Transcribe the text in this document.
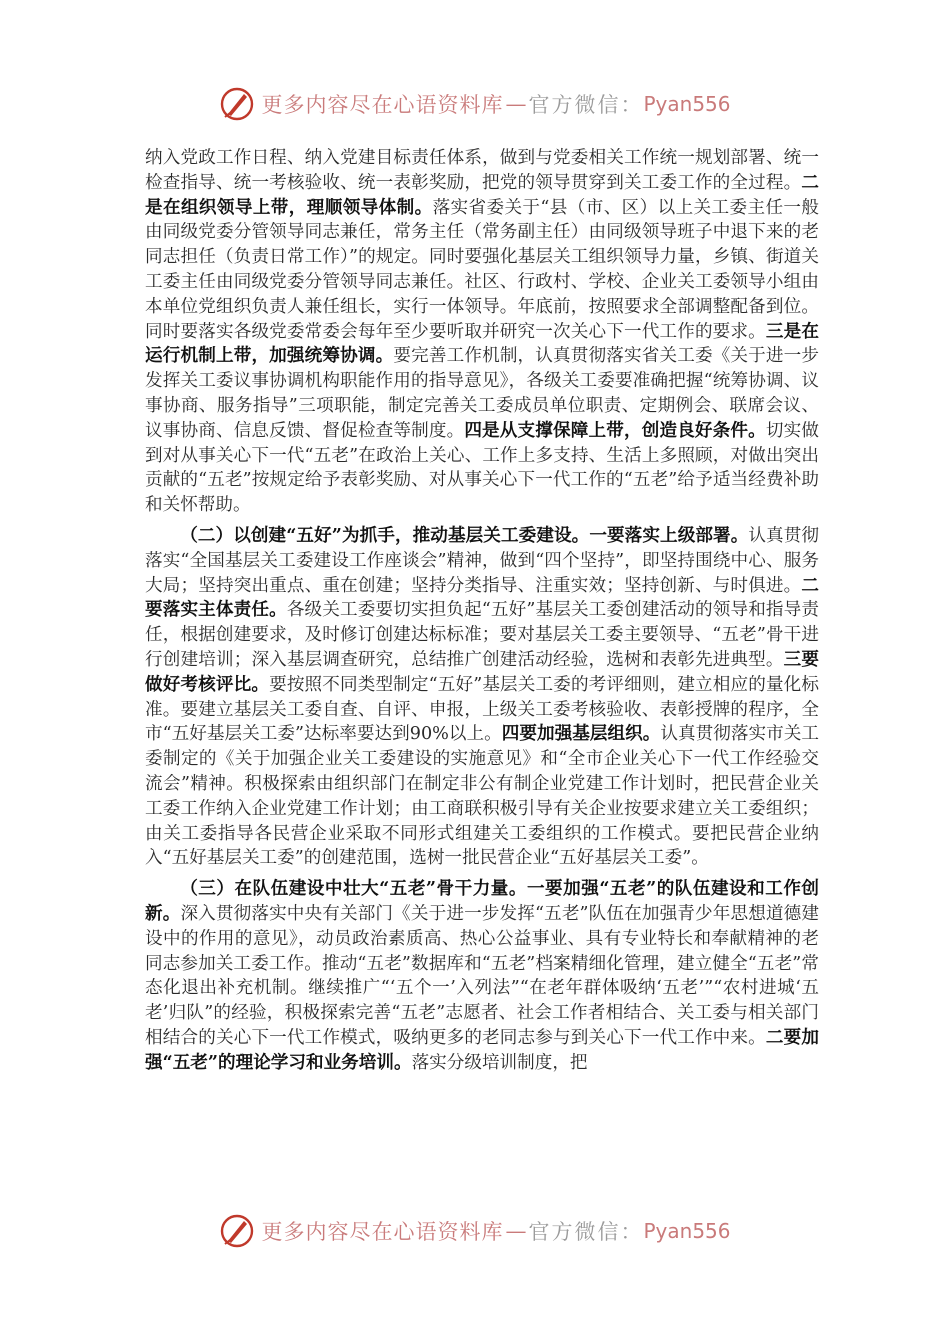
更多内容尽在心语资料库 — 官方微信： Pyan556

纳入党政工作日程、纳入党建目标责任体系，做到与党委相关工作统一规划部署、统一检查指导、统一考核验收、统一表彰奖励，把党的领导贯穿到关工委工作的全过程。二是在组织领导上带，理顺领导体制。落实省委关于“县（市、区）以上关工委主任一般由同级党委分管领导同志兼任，常务主任（常务副主任）由同级领导班子中退下来的老同志担任（负责日常工作）”的规定。同时要强化基层关工组织领导力量，乡镇、街道关工委主任由同级党委分管领导同志兼任。社区、行政村、学校、企业关工委领导小组由本单位党组织负责人兼任组长，实行一体领导。年底前，按照要求全部调整配备到位。同时要落实各级党委常委会每年至少要听取并研究一次关心下一代工作的要求。三是在运行机制上带，加强统筹协调。要完善工作机制，认真贯彻落实省关工委《关于进一步发挥关工委议事协调机构职能作用的指导意见》，各级关工委要准确把握“统筹协调、议事协商、服务指导”三项职能，制定完善关工委成员单位职责、定期例会、联席会议、议事协商、信息反馈、督促检查等制度。四是从支撑保障上带，创造良好条件。切实做到对从事关心下一代“五老”在政治上关心、工作上多支持、生活上多照顾，对做出突出贡献的“五老”按规定给予表彰奖励、对从事关心下一代工作的“五老”给予适当经费补助和关怀帮助。

（二）以创建“五好”为抓手，推动基层关工委建设。一要落实上级部署。认真贯彻落实“全国基层关工委建设工作座谈会”精神，做到“四个坚持”，即坚持围绕中心、服务大局；坚持突出重点、重在创建；坚持分类指导、注重实效；坚持创新、与时俱进。二要落实主体责任。各级关工委要切实担负起“五好”基层关工委创建活动的领导和指导责任，根据创建要求，及时修订创建达标标准；要对基层关工委主要领导、“五老”骨干进行创建培训；深入基层调查研究，总结推广创建活动经验，选树和表彰先进典型。三要做好考核评比。要按照不同类型制定“五好”基层关工委的考评细则，建立相应的量化标准。要建立基层关工委自查、自评、申报，上级关工委考核验收、表彰授牌的程序，全市“五好基层关工委”达标率要达到90%以上。四要加强基层组织。认真贯彻落实市关工委制定的《关于加强企业关工委建设的实施意见》和“全市企业关心下一代工作经验交流会”精神。积极探索由组织部门在制定非公有制企业党建工作计划时，把民营企业关工委工作纳入企业党建工作计划；由工商联积极引导有关企业按要求建立关工委组织；由关工委指导各民营企业采取不同形式组建关工委组织的工作模式。要把民营企业纳入“五好基层关工委”的创建范围，选树一批民营企业“五好基层关工委”。

（三）在队伍建设中壮大“五老”骨干力量。一要加强“五老”的队伍建设和工作创新。深入贯彻落实中央有关部门《关于进一步发挥“五老”队伍在加强青少年思想道德建设中的作用的意见》，动员政治素质高、热心公益事业、具有专业特长和奉献精神的老同志参加关工委工作。推动“五老”数据库和“五老”档案精细化管理，建立健全“五老”常态化退出补充机制。继续推广“‘五个一’入列法”“在老年群体吸纳‘五老’”“农村进城‘五老’归队”的经验，积极探索完善“五老”志愿者、社会工作者相结合、关工委与相关部门相结合的关心下一代工作模式，吸纳更多的老同志参与到关心下一代工作中来。二要加强“五老”的理论学习和业务培训。落实分级培训制度，把

更多内容尽在心语资料库 — 官方微信： Pyan556
